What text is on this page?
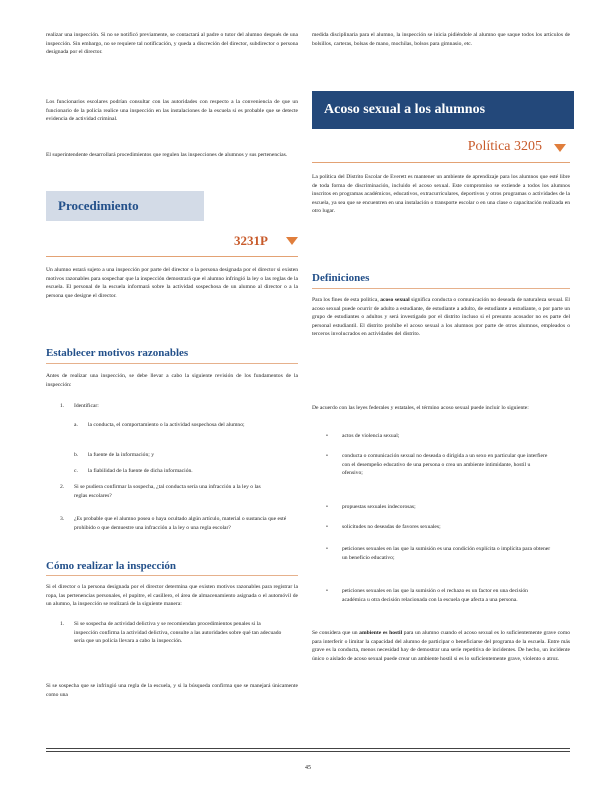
realizar una inspección. Si no se notificó previamente, se contactará al padre o tutor del alumno después de una inspección. Sin embargo, no se requiere tal notificación, y queda a discreción del director, subdirector o persona designada por el director.

Los funcionarios escolares podrían consultar con las autoridades con respecto a la conveniencia de que un funcionario de la policía realice una inspección en las instalaciones de la escuela si es probable que se detecte evidencia de actividad criminal.

El superintendente desarrollará procedimientos que regulen las inspecciones de alumnos y sus pertenencias.

Procedimiento
3231P

Un alumno estará sujeto a una inspección por parte del director o la persona designada por el director si existen motivos razonables para sospechar que la inspección demostrará que el alumno infringió la ley o las reglas de la escuela. El personal de la escuela informará sobre la actividad sospechosa de un alumno al director o a la persona que designe el director.

Establecer motivos razonables

Antes de realizar una inspección, se debe llevar a cabo la siguiente revisión de los fundamentos de la inspección:

1. Identificar:
a. la conducta, el comportamiento o la actividad sospechosa del alumno;
b. la fuente de la información; y
c. la fiabilidad de la fuente de dicha información.
2. Si se pudiera confirmar la sospecha, ¿tal conducta sería una infracción a la ley o las reglas escolares?
3. ¿Es probable que el alumno posea o haya ocultado algún artículo, material o sustancia que esté prohibido o que demuestre una infracción a la ley o una regla escolar?
Cómo realizar la inspección

Si el director o la persona designada por el director determina que existen motivos razonables para registrar la ropa, las pertenencias personales, el pupitre, el casillero, el área de almacenamiento asignada o el automóvil de un alumno, la inspección se realizará de la siguiente manera:

1. Si se sospecha de actividad delictiva y se recomiendan procedimientos penales si la inspección confirma la actividad delictiva, consulte a las autoridades sobre qué tan adecuado sería que un policía llevara a cabo la inspección.

Si se sospecha que se infringió una regla de la escuela, y si la búsqueda confirma que se manejará únicamente como una

medida disciplinaria para el alumno, la inspección se inicia pidiéndole al alumno que saque todos los artículos de bolsillos, carteras, bolsas de mano, mochilas, bolsos para gimnasio, etc.

Acoso sexual a los alumnos
Política 3205

La política del Distrito Escolar de Everett es mantener un ambiente de aprendizaje para los alumnos que esté libre de toda forma de discriminación, incluido el acoso sexual. Este compromiso se extiende a todos los alumnos inscritos en programas académicos, educativos, extracurriculares, deportivos y otros programas o actividades de la escuela, ya sea que se encuentren en una instalación o transporte escolar o en una clase o capacitación realizada en otro lugar.

Definiciones

Para los fines de esta política, acoso sexual significa conducta o comunicación no deseada de naturaleza sexual. El acoso sexual puede ocurrir de adulto a estudiante, de estudiante a adulto, de estudiante a estudiante, o por parte un grupo de estudiantes o adultos y será investigado por el distrito incluso si el presunto acosador no es parte del personal estudiantil. El distrito prohíbe el acoso sexual a los alumnos por parte de otros alumnos, empleados o terceros involucrados en actividades del distrito.

De acuerdo con las leyes federales y estatales, el término acoso sexual puede incluir lo siguiente:

•	actos de violencia sexual;
•	conducta o comunicación sexual no deseada o dirigida a un sexo en particular que interfiere con el desempeño educativo de una persona o crea un ambiente intimidante, hostil u ofensivo;
•	propuestas sexuales indecorosas;
•	solicitudes no deseadas de favores sexuales;
•	peticiones sexuales en las que la sumisión es una condición explícita o implícita para obtener un beneficio educativo;
•	peticiones sexuales en las que la sumisión o el rechazo es un factor en una decisión académica u otra decisión relacionada con la escuela que afecta a una persona.

Se considera que un ambiente es hostil para un alumno cuando el acoso sexual es lo suficientemente grave como para interferir o limitar la capacidad del alumno de participar o beneficiarse del programa de la escuela. Entre más grave es la conducta, menos necesidad hay de demostrar una serie repetitiva de incidentes. De hecho, un incidente único o aislado de acoso sexual puede crear un ambiente hostil si es lo suficientemente grave, violento o atroz.

45
